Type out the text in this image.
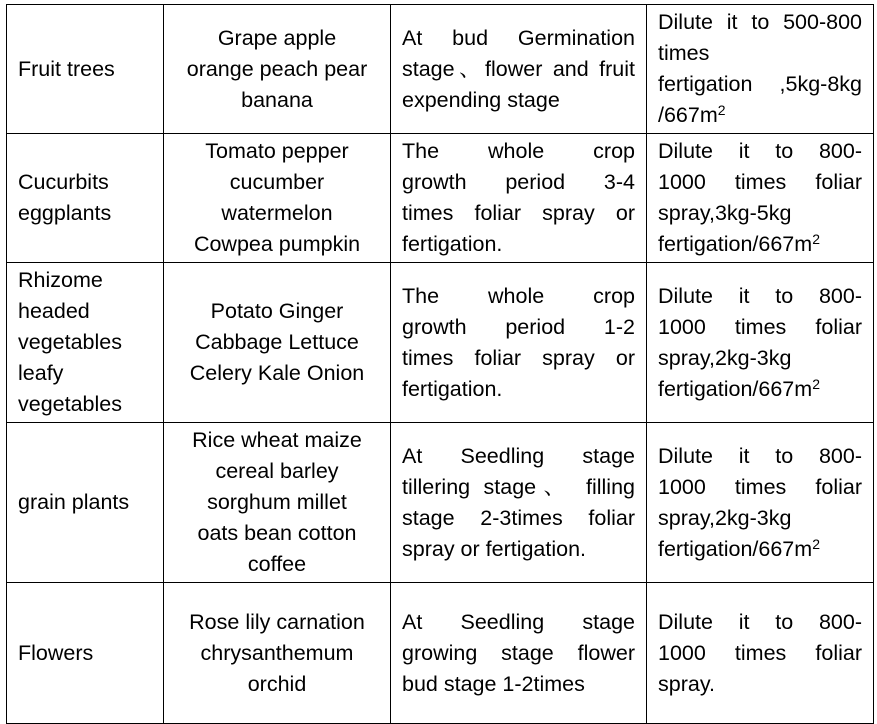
Fruit trees	Grape apple
orange peach pear
banana	At bud Germination
stage、flower and fruit
expending stage	Dilute it to 500-800
times
fertigation ,5kg-8kg
$/667m^2$

Cucurbits
eggplants	Tomato pepper
cucumber
watermelon
Cowpea pumpkin	The whole crop
growth period 3-4
times foliar spray or
fertigation.	Dilute it to 800-
1000 times foliar
spray,3kg-5kg
fertigation/$667m^2$

Rhizome
headed
vegetables
leafy
vegetables	Potato Ginger
Cabbage Lettuce
Celery Kale Onion	The whole crop
growth period 1-2
times foliar spray or
fertigation.	Dilute it to 800-
1000 times foliar
spray,2kg-3kg
fertigation/$667m^2$

grain plants	Rice wheat maize
cereal barley
sorghum millet
oats bean cotton
coffee	At Seedling stage
tillering stage、 filling
stage 2-3times foliar
spray or fertigation.	Dilute it to 800-
1000 times foliar
spray,2kg-3kg
fertigation/$667m^2$

Flowers	Rose lily carnation
chrysanthemum
orchid	At Seedling stage
growing stage flower
bud stage 1-2times	Dilute it to 800-
1000 times foliar
spray.
